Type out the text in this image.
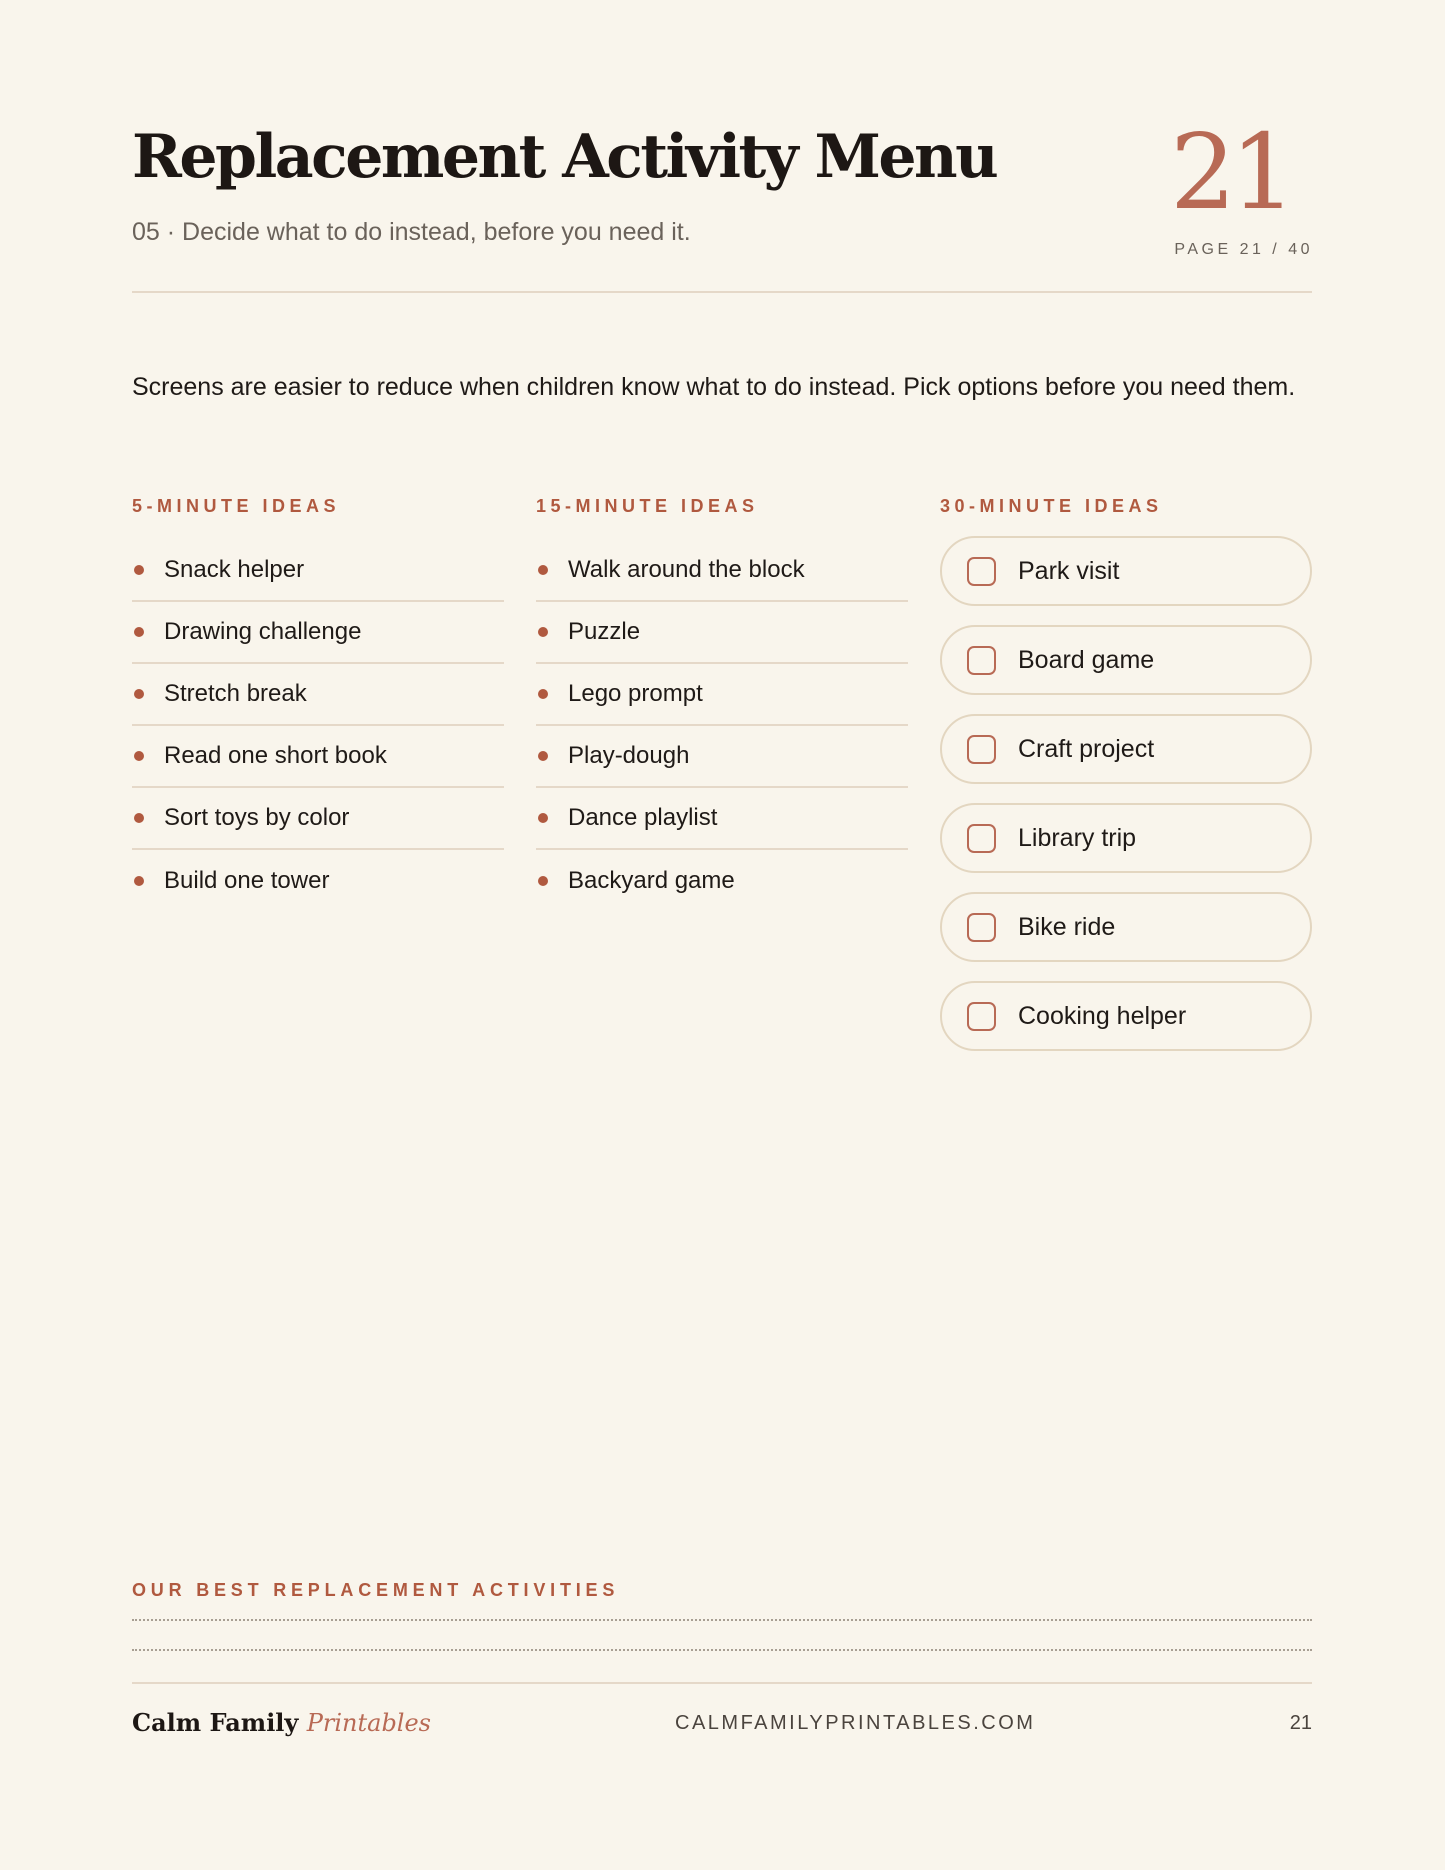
Replacement Activity Menu
05 · Decide what to do instead, before you need it.	21
PAGE 21 / 40

Screens are easier to reduce when children know what to do instead. Pick options before you need them.

5-MINUTE IDEAS
Snack helper
Drawing challenge
Stretch break
Read one short book
Sort toys by color
Build one tower
15-MINUTE IDEAS
Walk around the block
Puzzle
Lego prompt
Play-dough
Dance playlist
Backyard game
30-MINUTE IDEAS
Park visit
Board game
Craft project
Library trip
Bike ride
Cooking helper
OUR BEST REPLACEMENT ACTIVITIES
Calm Family Printables	CALMFAMILYPRINTABLES.COM	21
